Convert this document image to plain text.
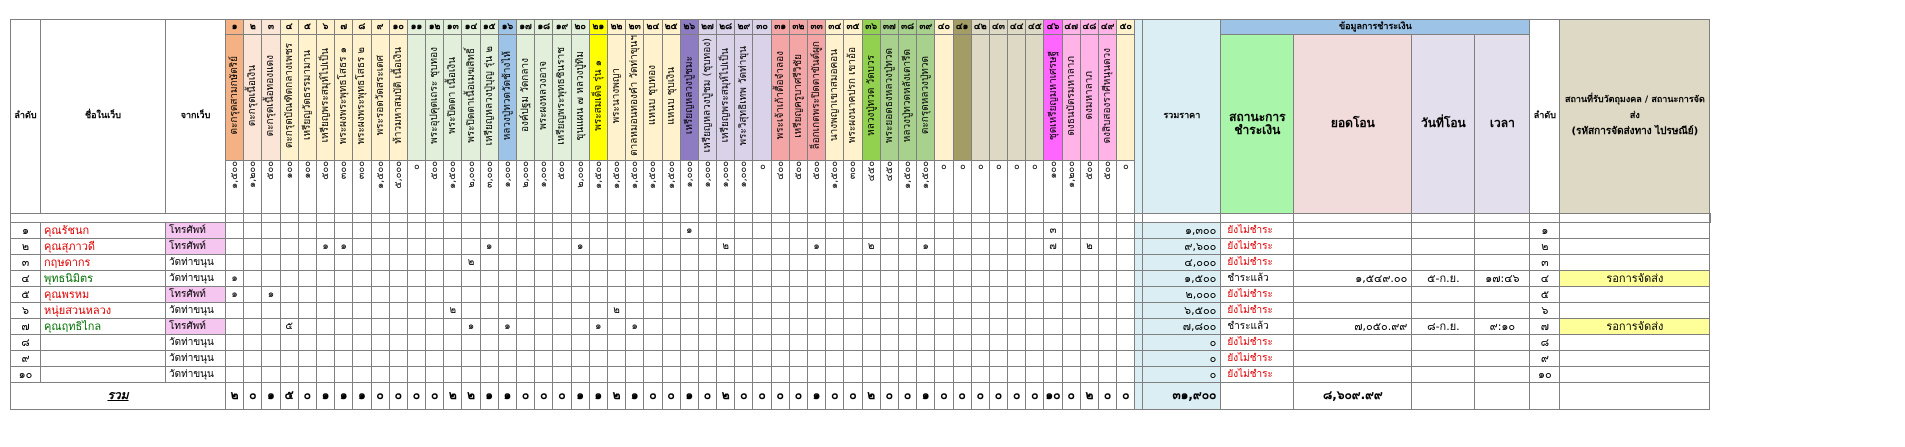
ลำดับ	ชื่อในเว็บ	จากเว็บ	๑	๒	๓	๔	๕	๖	๗	๘	๙	๑๐	๑๑	๑๒	๑๓	๑๔	๑๕	๑๖	๑๗	๑๘	๑๙	๒๐	๒๑	๒๒	๒๓	๒๔	๒๕	๒๖	๒๗	๒๘	๒๙	๓๐	๓๑	๓๒	๓๓	๓๔	๓๕	๓๖	๓๗	๓๘	๓๙	๔๐	๔๑	๔๒	๔๓	๔๔	๔๕	๔๖	๔๗	๔๘	๔๙	๕๐		รวมราคา	ข้อมูลการชำระเงิน				ลำดับ	สถานที่รับวัตถุมงคล / สถานะการจัดส่ง
(รหัสการจัดส่งทาง ไปรษณีย์)	

			ตะกรุดสามกษัตริย์	ตะกรุดเนื้อเงิน	ตะกรุดเนื้อทองแดง	ตะกรุดบัณฑิตกลางเพชร	เหรียญวัดธรรมามาน	เหรียญพระสมุห์ไปเป็น	พระผงพระพุทธโสธร ๑	พระผงพระพุทธโสธร ๒	พระรอดวัดสระเตศ	ท้าวมหาสมบัติ เนื้อเงิน		พระอุปคุตเถระ ชุบทอง	พระปิดตา เนื้อเงิน	พระปิดตาเนื้อเมฆสิทธิ์	เหรียญหลวงปู่บุญ รุ่น ๒	หลวงปู่ทวดวัดช้างไห้	องค์ปฐม วัดกลาง	พระผงหลวงอาจ	เหรียญพระพุทธชินราช	ขุนแผน ๗ หลวงปู่ทิม	พระสมเด็จ รุ่น ๑	พระนางพญา	ตาลหมอนทองคำ วัดท่าขุนฯ	แหนบ ชุบทอง	แหนบ ชุบเงิน	เหรียญหลวงปู่ชมะ	เหรียญหลวงปู่ชม (ชุบทอง)	เหรียญพระสมุห์ไปเป็น	พระวิสุทธิเทพ วัดท่าขุน		พระเจ้าเก้าตื้อจำลอง	เหรียญครูบาศรีวิชัย	ล็อกเกตพระปิดตาขันต์ผูก	นางพญาเขาสมอคอน	พระผงนาคปรก เขาอ้อ	หลวงปู่ทวด วัดบวร	พระยอดธงหลวงปู่ทวด	หลวงปู่ทวดหลังเตารีด	ตะกรุดหลวงปู่ทวด							ชุดเหรียญมหาเศรษฐี	ดงธนบัตรมหาลาภ	ดงมหาลาภ	ดงสิบสองราศีหนุนดวง				สถานะการชำระเงิน	ยอดโอน	วันที่โอน	เวลา			
			๑,๕๐๐	๑,๒๐๐	๕๐๐	๑๐๐	๑๐๐	๕๐๐	๓๐๐	๓๐๐	๑,๕๐๐	๕,๐๐๐	๐	๕๐๐	๑,๕๐๐	๒,๐๐๐	๓,๐๐๐	๑,๐๐๐	๒,๐๐๐	๑,๐๐๐	๕๐๐	๒,๐๐๐	๑,๕๐๐	๑,๕๐๐	๑,๕๐๐	๑,๕๐๐	๑,๕๐๐	๑,๐๐๐	๑,๐๐๐	๑,๐๐๐	๑,๐๐๐	๐	๔๐๐	๕๐๐	๕๐๐	๑,๕๐๐	๓๐๐	๔๕๐	๔๕๐	๑,๕๐๐	๑,๕๐๐	๐	๐	๐	๐	๐	๐	๑๐๐	๑,๒๐๐	๕๐๐	๕๐๐	๐									

๑	คุณรัชนก	โทรศัพท์																										๑																				๓						๑,๓๐๐	ยังไม่ชำระ				๑		
๒	คุณสุภาวดี	โทรศัพท์						๑	๑								๑					๑								๒					๑			๒			๑							๗		๒				๙,๖๐๐	ยังไม่ชำระ				๒		
๓	กฤษดากร	วัดท่าขนุน														๒																																						๔,๐๐๐	ยังไม่ชำระ				๓		
๔	พุทธนิมิตร	วัดท่าขนุน	๑																																																			๑,๕๐๐	ชำระแล้ว	๑,๕๔๙.๐๐	๕-ก.ย.	๑๗:๔๖	๔	รอการจัดส่ง	
๕	คุณพรหม	โทรศัพท์	๑		๑																																																	๒,๐๐๐	ยังไม่ชำระ				๕		
๖	หนุ่ยสวนหลวง	วัดท่าขนุน													๒									๒																														๖,๕๐๐	ยังไม่ชำระ				๖		
๗	คุณฤทธิไกล	โทรศัพท์				๕										๑		๑					๑		๑																													๗,๘๐๐	ชำระแล้ว	๗,๐๕๐.๙๙	๘-ก.ย.	๙:๑๐	๗	รอการจัดส่ง	
๘		วัดท่าขนุน																																																				๐	ยังไม่ชำระ				๘		
๙		วัดท่าขนุน																																																				๐	ยังไม่ชำระ				๙		
๑๐		วัดท่าขนุน																																																				๐	ยังไม่ชำระ				๑๐		
รวม			๒	๐	๑	๕	๐	๑	๑	๑	๐	๐	๐	๐	๒	๒	๑	๑	๐	๐	๐	๑	๑	๒	๑	๐	๐	๑	๐	๒	๐	๐	๐	๐	๑	๐	๐	๒	๐	๐	๑	๐	๐	๐	๐	๐	๐	๑๐	๐	๒	๐	๐		๓๑,๙๐๐		๘,๖๐๙.๙๙					
